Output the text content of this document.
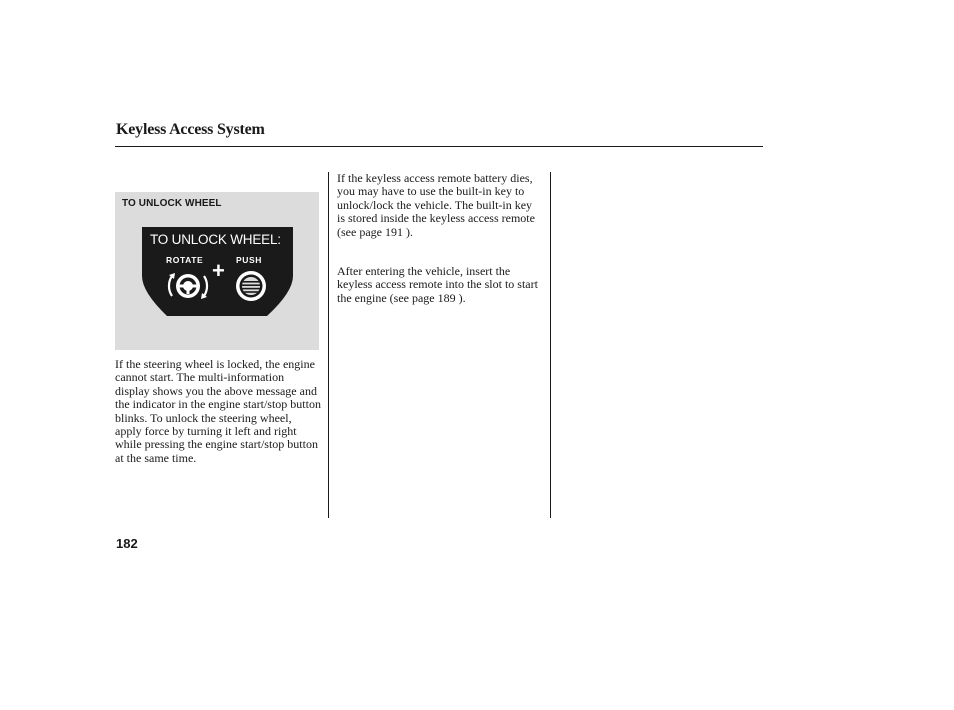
Keyless Access System
TO UNLOCK WHEEL
TO UNLOCK WHEEL:
ROTATE	PUSH
+

If the steering wheel is locked, the engine cannot start. The multi-information display shows you the above message and the indicator in the engine start/stop button blinks. To unlock the steering wheel, apply force by turning it left and right while pressing the engine start/stop button at the same time.

If the keyless access remote battery dies, you may have to use the built-in key to unlock/lock the vehicle. The built-in key is stored inside the keyless access remote (see page 191 ).

After entering the vehicle, insert the keyless access remote into the slot to start the engine (see page 189 ).

182
